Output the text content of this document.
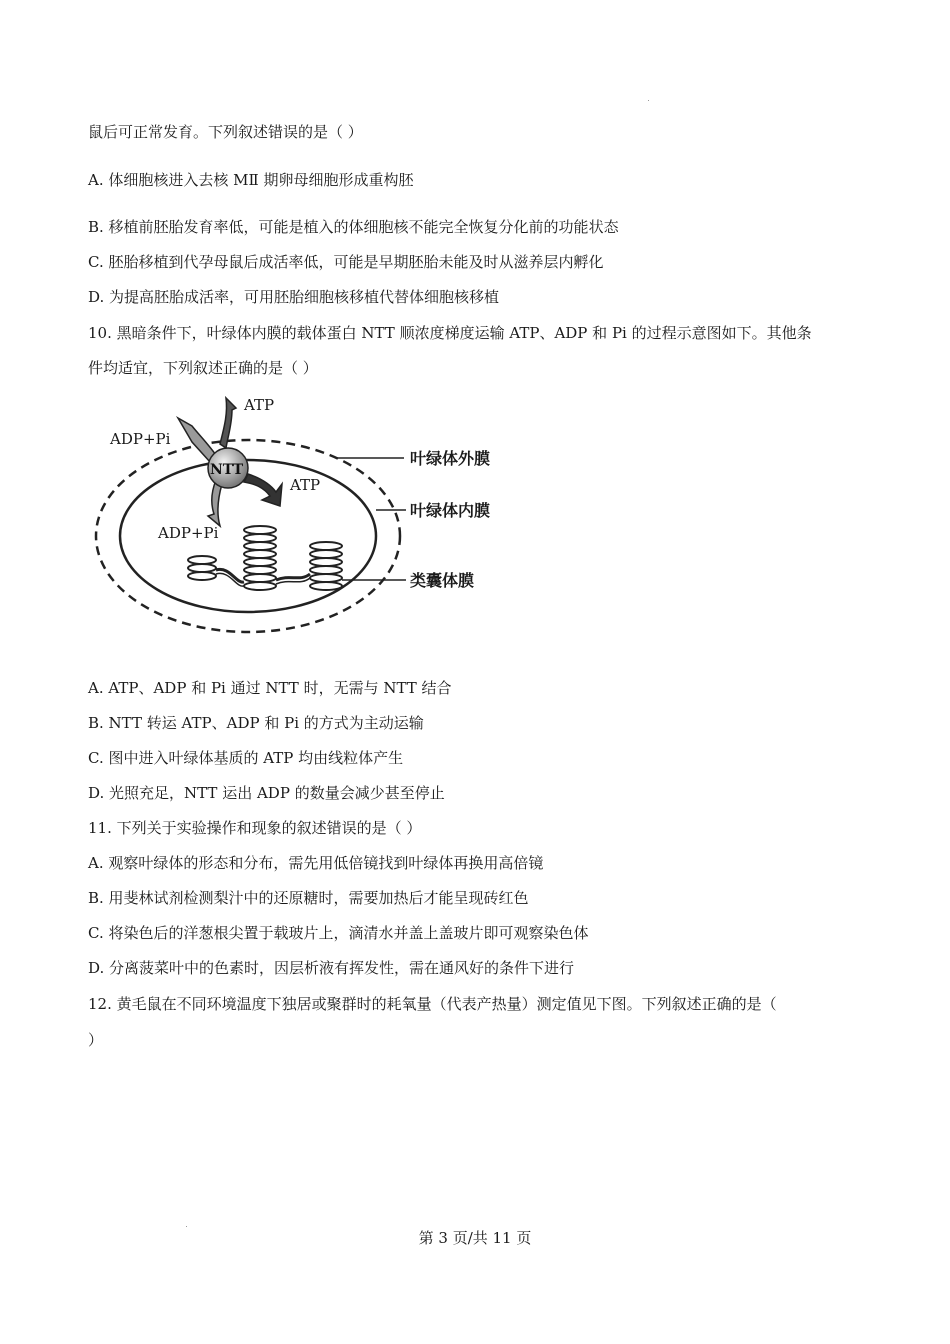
鼠后可正常发育。下列叙述错误的是（ ）

A. 体细胞核进入去核 MⅡ 期卵母细胞形成重构胚

B. 移植前胚胎发育率低，可能是植入的体细胞核不能完全恢复分化前的功能状态

C. 胚胎移植到代孕母鼠后成活率低，可能是早期胚胎未能及时从滋养层内孵化

D. 为提高胚胎成活率，可用胚胎细胞核移植代替体细胞核移植

10. 黑暗条件下，叶绿体内膜的载体蛋白 NTT 顺浓度梯度运输 ATP、ADP 和 Pi 的过程示意图如下。其他条

件均适宜，下列叙述正确的是（ ）

ATP
ADP+Pi
NTT
ATP
ADP+Pi
叶绿体外膜
叶绿体内膜
类囊体膜

A. ATP、ADP 和 Pi 通过 NTT 时，无需与 NTT 结合

B. NTT 转运 ATP、ADP 和 Pi 的方式为主动运输

C. 图中进入叶绿体基质的 ATP 均由线粒体产生

D. 光照充足，NTT 运出 ADP 的数量会减少甚至停止

11. 下列关于实验操作和现象的叙述错误的是（ ）

A. 观察叶绿体的形态和分布，需先用低倍镜找到叶绿体再换用高倍镜

B. 用斐林试剂检测梨汁中的还原糖时，需要加热后才能呈现砖红色

C. 将染色后的洋葱根尖置于载玻片上，滴清水并盖上盖玻片即可观察染色体

D. 分离菠菜叶中的色素时，因层析液有挥发性，需在通风好的条件下进行

12. 黄毛鼠在不同环境温度下独居或聚群时的耗氧量（代表产热量）测定值见下图。下列叙述正确的是（

）

第 3 页/共 11 页
